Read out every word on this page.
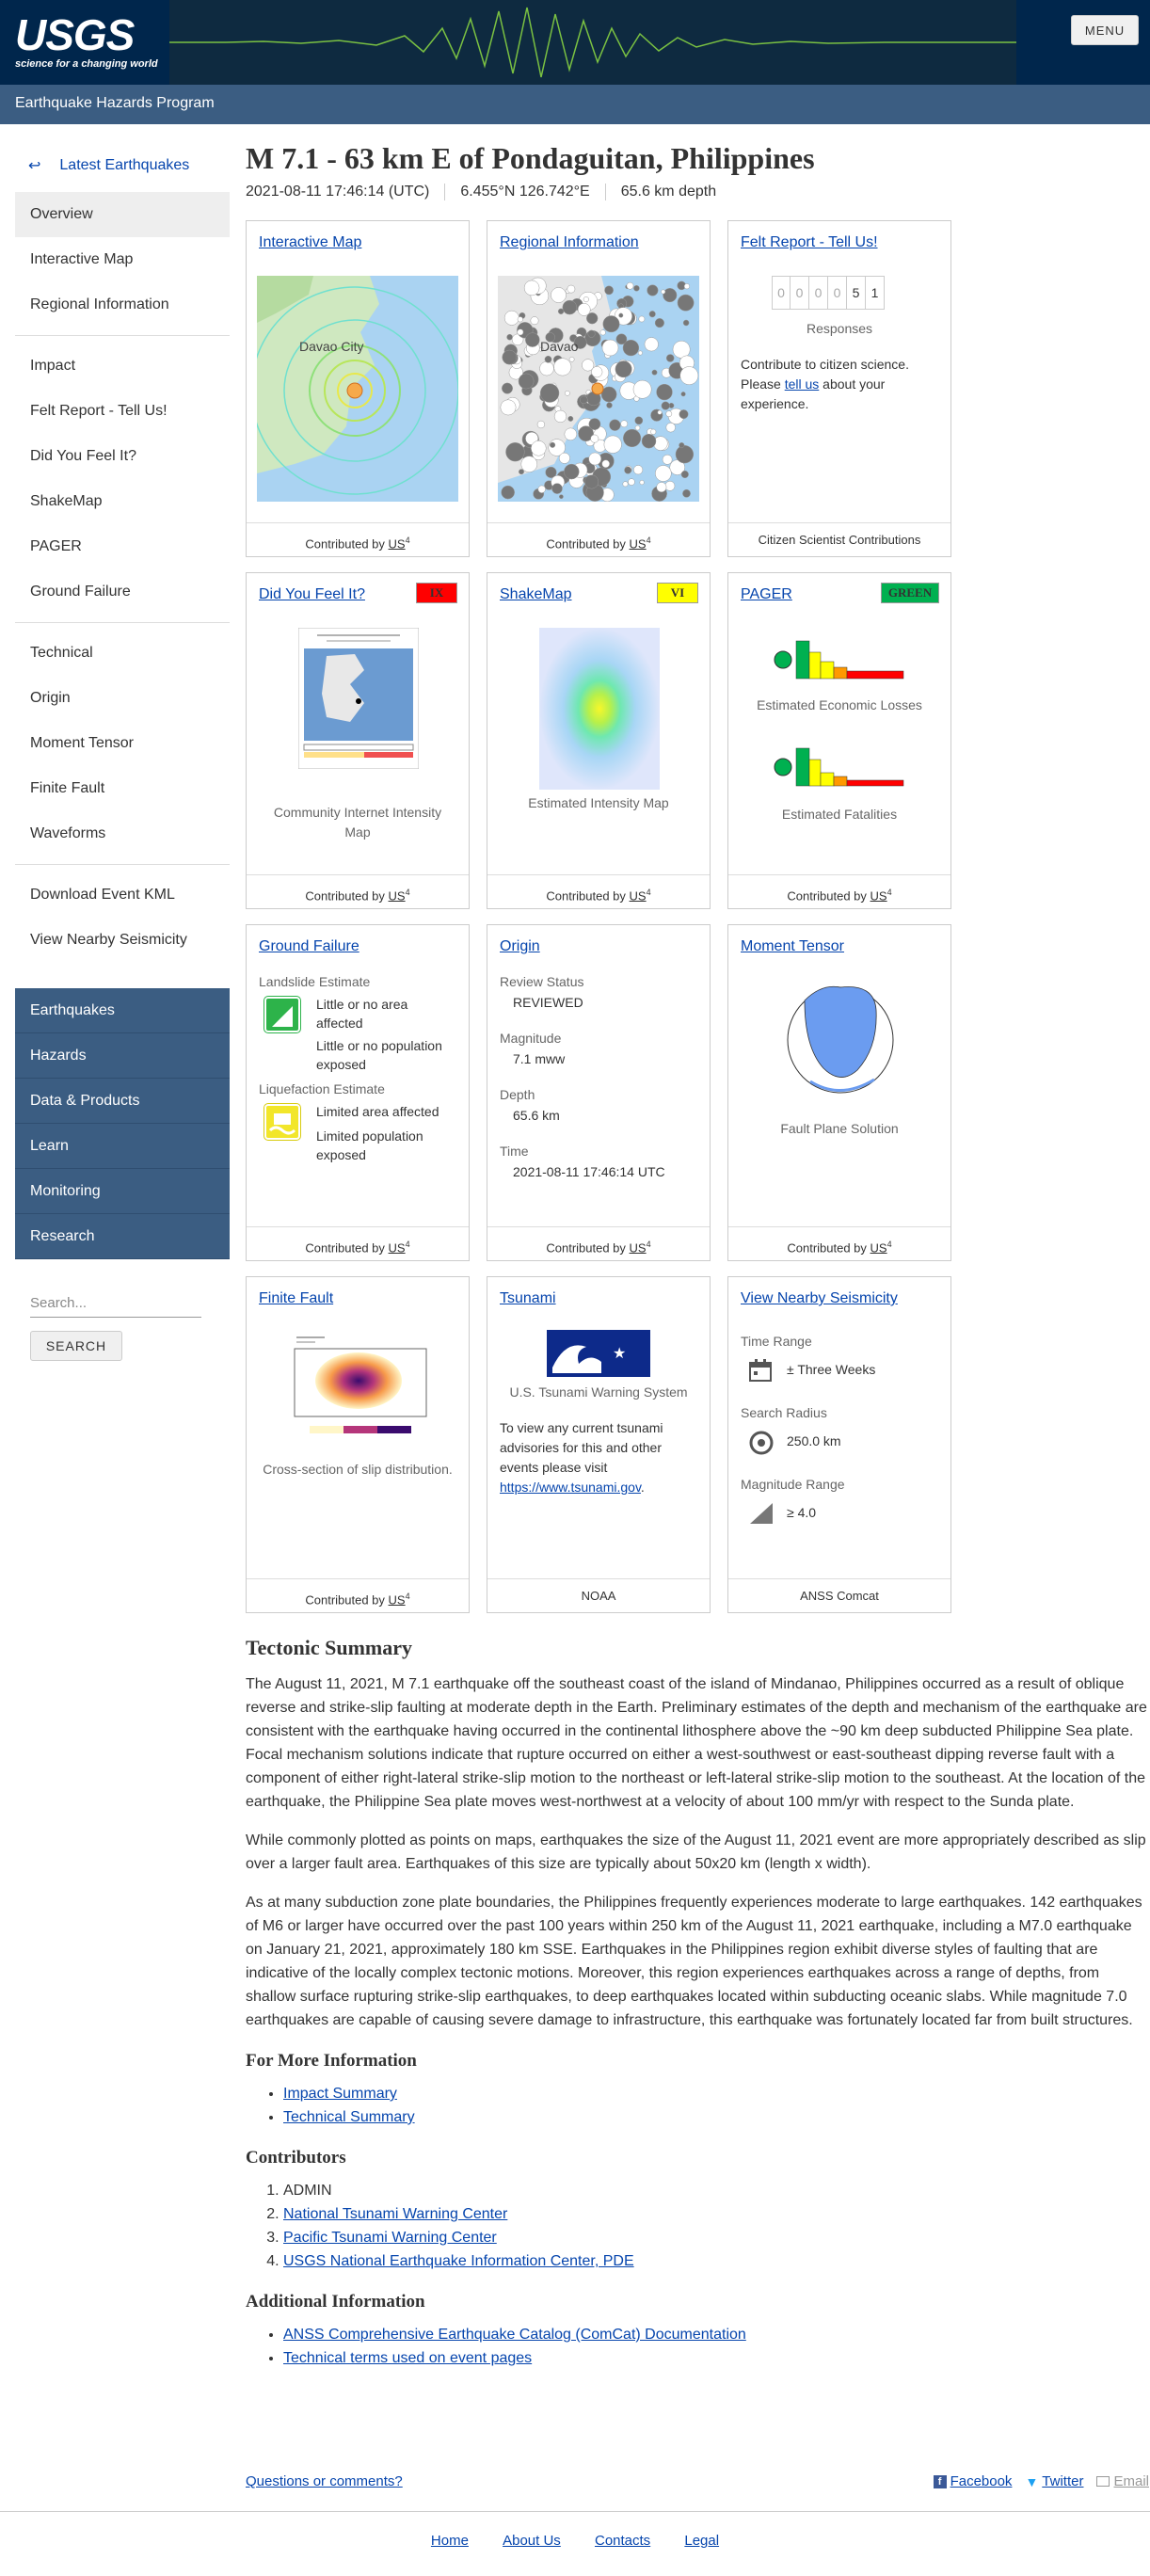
USGS
science for a changing world
MENU
Earthquake Hazards Program
↩ Latest Earthquakes
Overview
Interactive Map
Regional Information
Impact
Felt Report - Tell Us!
Did You Feel It?
ShakeMap
PAGER
Ground Failure
Technical
Origin
Moment Tensor
Finite Fault
Waveforms
Download Event KML
View Nearby Seismicity
Earthquakes
Hazards
Data & Products
Learn
Monitoring
Research
Search...
SEARCH
M 7.1 - 63 km E of Pondaguitan, Philippines
2021-08-11 17:46:14 (UTC)	6.455°N 126.742°E	65.6 km depth
Interactive Map
Davao City
Contributed by $US^4$
Regional Information
Davao
Contributed by $US^4$
Felt Report - Tell Us!
0 0 0 0 5 1
Responses
Contribute to citizen science. Please tell us about your experience.
Citizen Scientist Contributions
Did You Feel It?	IX
Community Internet Intensity Map
Contributed by $US^4$
ShakeMap	VI
Estimated Intensity Map
Contributed by $US^4$
PAGER	GREEN
Estimated Economic Losses
Estimated Fatalities
Contributed by $US^4$
Ground Failure
Landslide Estimate
Little or no area affected
Little or no population exposed
Liquefaction Estimate
Limited area affected
Limited population exposed
Contributed by $US^4$
Origin
Review Status
REVIEWED
Magnitude
7.1 mww
Depth
65.6 km
Time
2021-08-11 17:46:14 UTC
Contributed by $US^4$
Moment Tensor
Fault Plane Solution
Contributed by $US^4$
Finite Fault
Cross-section of slip distribution.
Contributed by $US^4$
Tsunami
★
U.S. Tsunami Warning System
To view any current tsunami advisories for this and other events please visit https://www.tsunami.gov.
NOAA
View Nearby Seismicity
Time Range
± Three Weeks
Search Radius
250.0 km
Magnitude Range
≥ 4.0
ANSS Comcat
Tectonic Summary

The August 11, 2021, M 7.1 earthquake off the southeast coast of the island of Mindanao, Philippines occurred as a result of oblique reverse and strike-slip faulting at moderate depth in the Earth. Preliminary estimates of the depth and mechanism of the earthquake are consistent with the earthquake having occurred in the continental lithosphere above the ~90 km deep subducted Philippine Sea plate. Focal mechanism solutions indicate that rupture occurred on either a west-southwest or east-southeast dipping reverse fault with a component of either right-lateral strike-slip motion to the northeast or left-lateral strike-slip motion to the southeast. At the location of the earthquake, the Philippine Sea plate moves west-northwest at a velocity of about 100 mm/yr with respect to the Sunda plate.

While commonly plotted as points on maps, earthquakes the size of the August 11, 2021 event are more appropriately described as slip over a larger fault area. Earthquakes of this size are typically about 50x20 km (length x width).

As at many subduction zone plate boundaries, the Philippines frequently experiences moderate to large earthquakes. 142 earthquakes of M6 or larger have occurred over the past 100 years within 250 km of the August 11, 2021 earthquake, including a M7.0 earthquake on January 21, 2021, approximately 180 km SSE. Earthquakes in the Philippines region exhibit diverse styles of faulting that are indicative of the locally complex tectonic motions. Moreover, this region experiences earthquakes across a range of depths, from shallow surface rupturing strike-slip earthquakes, to deep earthquakes located within subducting oceanic slabs. While magnitude 7.0 earthquakes are capable of causing severe damage to infrastructure, this earthquake was fortunately located far from built structures.

For More Information
• Impact Summary
• Technical Summary
Contributors
1. ADMIN
2. National Tsunami Warning Center
3. Pacific Tsunami Warning Center
4. USGS National Earthquake Information Center, PDE
Additional Information
• ANSS Comprehensive Earthquake Catalog (ComCat) Documentation
• Technical terms used on event pages
Questions or comments?	f Facebook ▼ Twitter Email
Home About Us Contacts Legal
